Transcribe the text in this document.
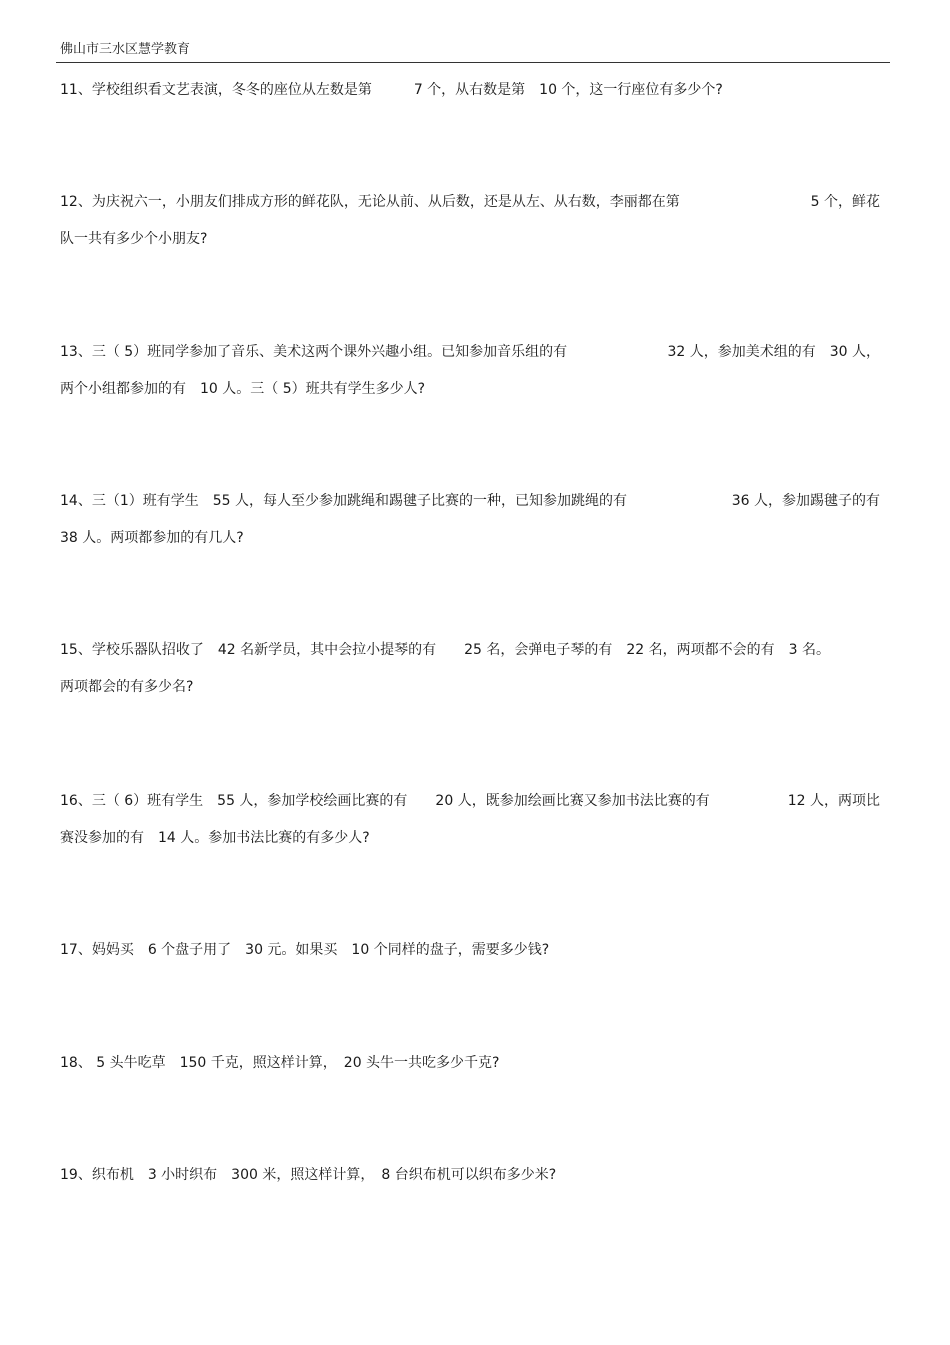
佛山市三水区慧学教育
11、学校组织看文艺表演，冬冬的座位从左数是第　　　7 个，从右数是第　10 个，这一行座位有多少个?
12、为庆祝六一，小朋友们排成方形的鲜花队，无论从前、从后数，还是从左、从右数，李丽都在第	5 个，鲜花
队一共有多少个小朋友?
13、三（ 5）班同学参加了音乐、美术这两个课外兴趣小组。已知参加音乐组的有	32 人，参加美术组的有　30 人，
两个小组都参加的有　10 人。三（ 5）班共有学生多少人?
14、三（1）班有学生　55 人，每人至少参加跳绳和踢毽子比赛的一种，已知参加跳绳的有	36 人，参加踢毽子的有
38 人。两项都参加的有几人?
15、学校乐器队招收了　42 名新学员，其中会拉小提琴的有　　25 名，会弹电子琴的有　22 名，两项都不会的有　3 名。
两项都会的有多少名?
16、三（ 6）班有学生　55 人，参加学校绘画比赛的有　　20 人，既参加绘画比赛又参加书法比赛的有	12 人，两项比
赛没参加的有　14 人。参加书法比赛的有多少人?
17、妈妈买　6 个盘子用了　30 元。如果买　10 个同样的盘子，需要多少钱?
18、 5 头牛吃草　150 千克，照这样计算，　20 头牛一共吃多少千克?
19、织布机　3 小时织布　300 米，照这样计算，　8 台织布机可以织布多少米?
